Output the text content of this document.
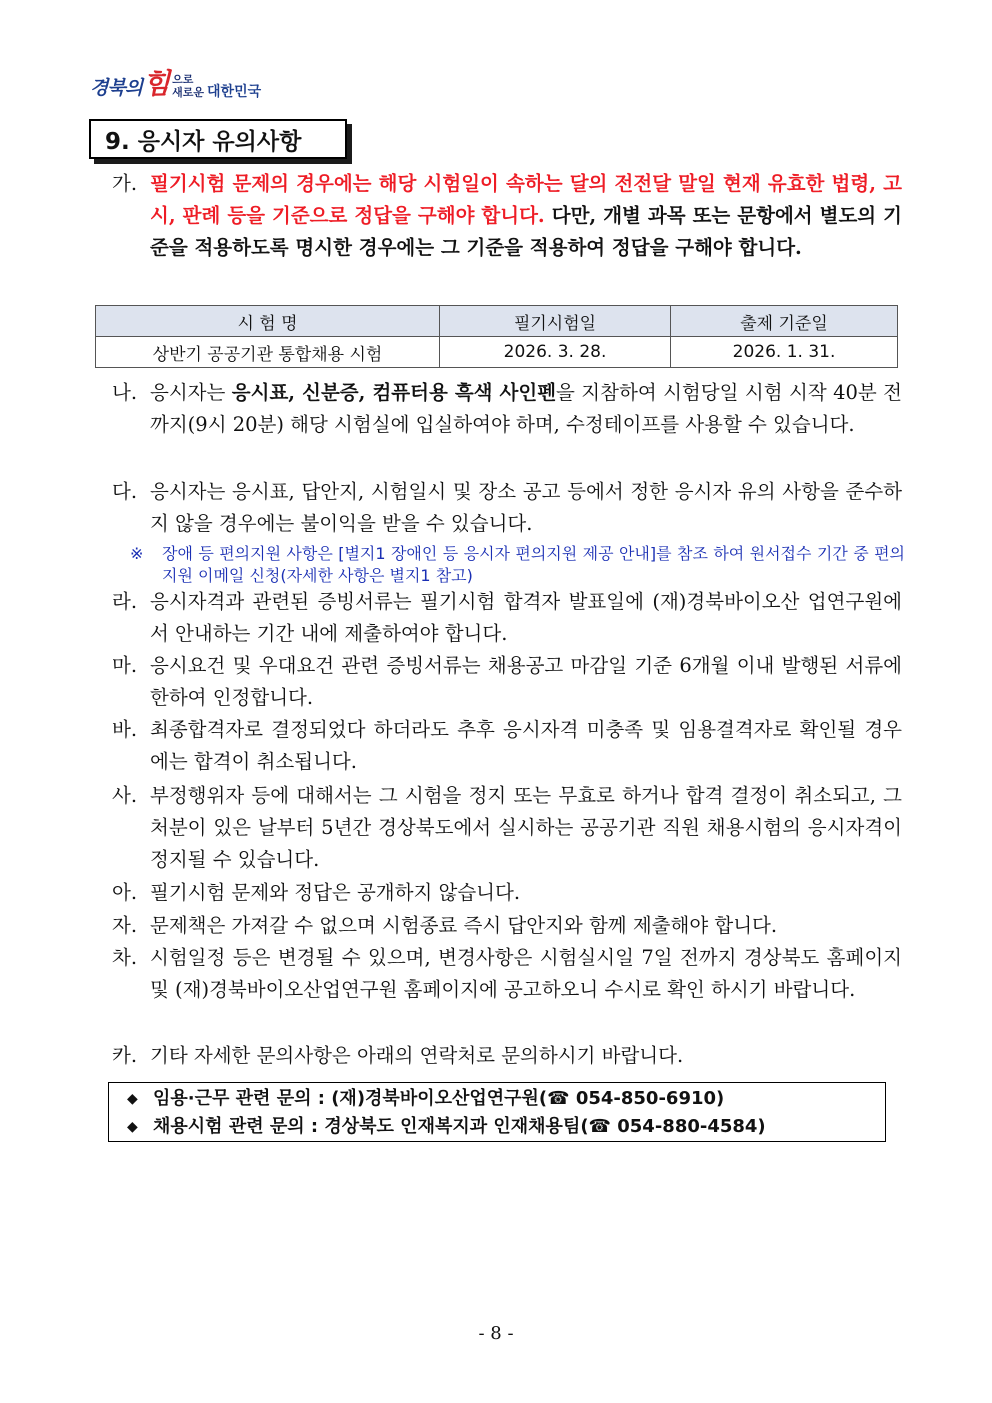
경북의 힘 으로
새로운 대한민국
9. 응시자 유의사항
가. 필기시험 문제의 경우에는 해당 시험일이 속하는 달의 전전달 말일 현재 유효한 법령, 고시, 판례 등을 기준으로 정답을 구해야 합니다. 다만, 개별 과목 또는 문항에서 별도의 기준을 적용하도록 명시한 경우에는 그 기준을 적용하여 정답을 구해야 합니다.
시 험 명	필기시험일	출제 기준일
상반기 공공기관 통합채용 시험	2026. 3. 28.	2026. 1. 31.
나. 응시자는 응시표, 신분증, 컴퓨터용 흑색 사인펜을 지참하여 시험당일 시험 시작 40분 전까지(9시 20분) 해당 시험실에 입실하여야 하며, 수정테이프를 사용할 수 있습니다.
다. 응시자는 응시표, 답안지, 시험일시 및 장소 공고 등에서 정한 응시자 유의 사항을 준수하지 않을 경우에는 불이익을 받을 수 있습니다.
※ 장애 등 편의지원 사항은 [별지1 장애인 등 응시자 편의지원 제공 안내]를 참조 하여 원서접수 기간 중 편의지원 이메일 신청(자세한 사항은 별지1 참고)
라. 응시자격과 관련된 증빙서류는 필기시험 합격자 발표일에 (재)경북바이오산 업연구원에서 안내하는 기간 내에 제출하여야 합니다.
마. 응시요건 및 우대요건 관련 증빙서류는 채용공고 마감일 기준 6개월 이내 발행된 서류에 한하여 인정합니다.
바. 최종합격자로 결정되었다 하더라도 추후 응시자격 미충족 및 임용결격자로 확인될 경우에는 합격이 취소됩니다.
사. 부정행위자 등에 대해서는 그 시험을 정지 또는 무효로 하거나 합격 결정이 취소되고, 그 처분이 있은 날부터 5년간 경상북도에서 실시하는 공공기관 직원 채용시험의 응시자격이 정지될 수 있습니다.
아. 필기시험 문제와 정답은 공개하지 않습니다.
자. 문제책은 가져갈 수 없으며 시험종료 즉시 답안지와 함께 제출해야 합니다.
차. 시험일정 등은 변경될 수 있으며, 변경사항은 시험실시일 7일 전까지 경상북도 홈페이지 및 (재)경북바이오산업연구원 홈페이지에 공고하오니 수시로 확인 하시기 바랍니다.
카. 기타 자세한 문의사항은 아래의 연락처로 문의하시기 바랍니다.
◆ 임용·근무 관련 문의 : (재)경북바이오산업연구원(☎ 054-850-6910)
◆ 채용시험 관련 문의 : 경상북도 인재복지과 인재채용팀(☎ 054-880-4584)
- 8 -
